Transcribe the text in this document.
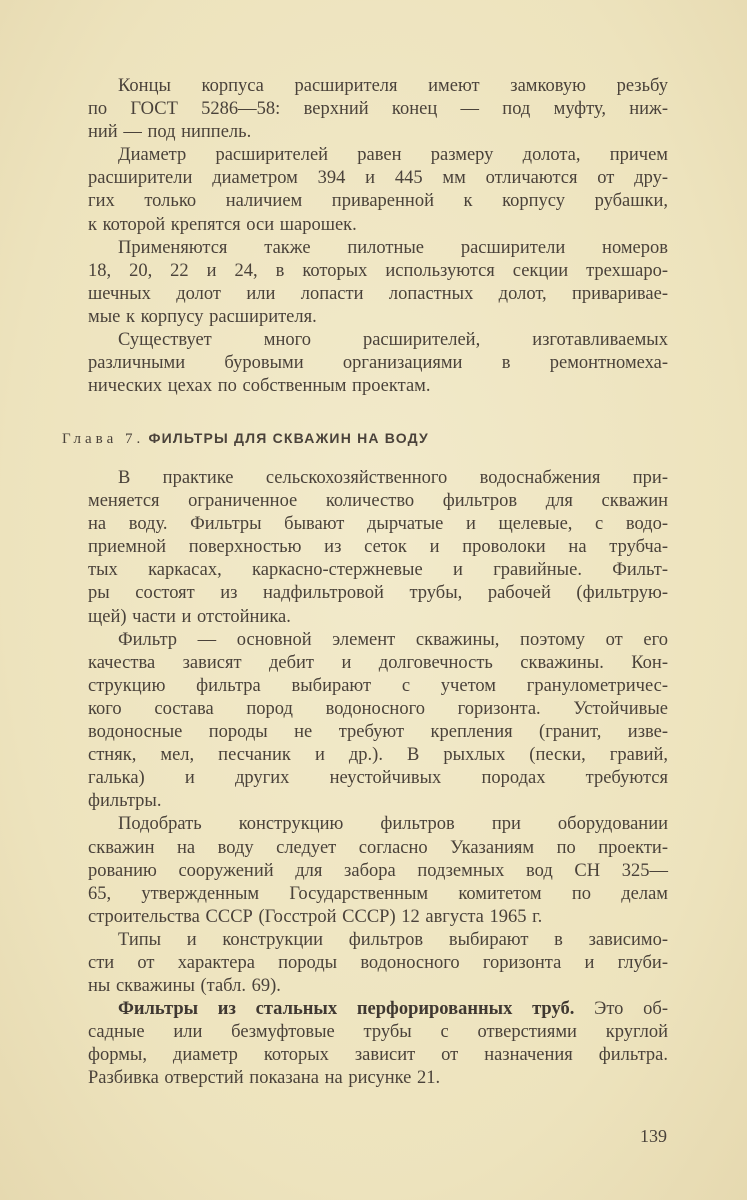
Концы корпуса расширителя имеют замковую резьбу
по ГОСТ 5286—58: верхний конец — под муфту, ниж-
ний — под ниппель.
Диаметр расширителей равен размеру долота, причем
расширители диаметром 394 и 445 мм отличаются от дру-
гих только наличием приваренной к корпусу рубашки,
к которой крепятся оси шарошек.
Применяются также пилотные расширители номеров
18, 20, 22 и 24, в которых используются секции трехшаро-
шечных долот или лопасти лопастных долот, привариваe-
мые к корпусу расширителя.
Существует много расширителей, изготавливаемых
различными буровыми организациями в ремонтномеха-
нических цехах по собственным проектам.
Глава 7. ФИЛЬТРЫ ДЛЯ СКВАЖИН НА ВОДУ
В практике сельскохозяйственного водоснабжения при-
меняется ограниченное количество фильтров для скважин
на воду. Фильтры бывают дырчатые и щелевые, с водо-
приемной поверхностью из сеток и проволоки на трубча-
тых каркасах, каркасно-стержневые и гравийные. Фильт-
ры состоят из надфильтровой трубы, рабочей (фильтрую-
щей) части и отстойника.
Фильтр — основной элемент скважины, поэтому от его
качества зависят дебит и долговечность скважины. Кон-
струкцию фильтра выбирают с учетом гранулометричес-
кого состава пород водоносного горизонта. Устойчивые
водоносные породы не требуют крепления (гранит, изве-
стняк, мел, песчаник и др.). В рыхлых (пески, гравий,
галька) и других неустойчивых породах требуются
фильтры.
Подобрать конструкцию фильтров при оборудовании
скважин на воду следует согласно Указаниям по проекти-
рованию сооружений для забора подземных вод СН 325—
65, утвержденным Государственным комитетом по делам
строительства СССР (Госстрой СССР) 12 августа 1965 г.
Типы и конструкции фильтров выбирают в зависимо-
сти от характера породы водоносного горизонта и глуби-
ны скважины (табл. 69).
Фильтры из стальных перфорированных труб. Это об-
садные или безмуфтовые трубы с отверстиями круглой
формы, диаметр которых зависит от назначения фильтра.
Разбивка отверстий показана на рисунке 21.
139
